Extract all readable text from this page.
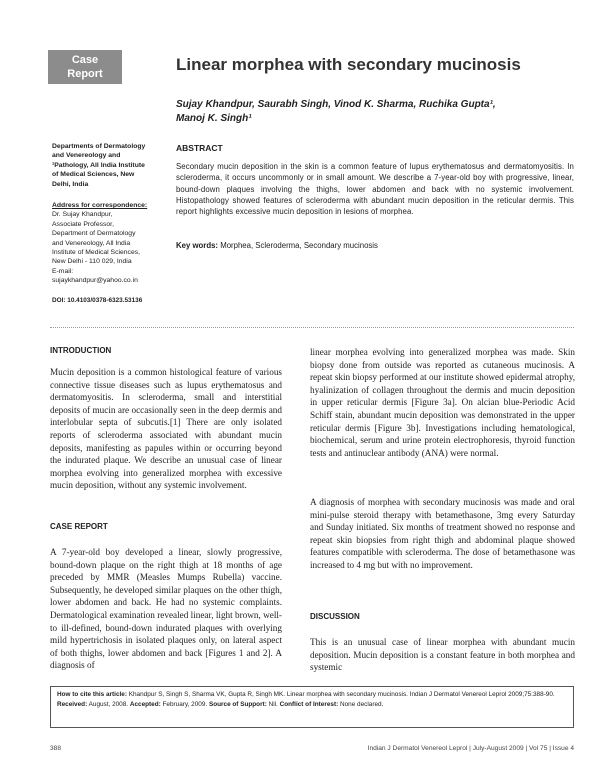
Case
Report	Linear morphea with secondary mucinosis
Sujay Khandpur, Saurabh Singh, Vinod K. Sharma, Ruchika Gupta¹,
Manoj K. Singh¹
Departments of Dermatology
and Venereology and
¹Pathology, All India Institute
of Medical Sciences, New
Delhi, India
Address for correspondence:
Dr. Sujay Khandpur,
Associate Professor,
Department of Dermatology
and Venereology, All India
Institute of Medical Sciences,
New Delhi - 110 029, India
E-mail:
sujaykhandpur@yahoo.co.in
DOI: 10.4103/0378-6323.53136
ABSTRACT
Secondary mucin deposition in the skin is a common feature of lupus erythematosus and dermatomyositis. In scleroderma, it occurs uncommonly or in small amount. We describe a 7-year-old boy with progressive, linear, bound-down plaques involving the thighs, lower abdomen and back with no systemic involvement. Histopathology showed features of scleroderma with abundant mucin deposition in the reticular dermis. This report highlights excessive mucin deposition in lesions of morphea.
Key words: Morphea, Scleroderma, Secondary mucinosis
INTRODUCTION
Mucin deposition is a common histological feature of various connective tissue diseases such as lupus erythematosus and dermatomyositis. In scleroderma, small and interstitial deposits of mucin are occasionally seen in the deep dermis and interlobular septa of subcutis.[1] There are only isolated reports of scleroderma associated with abundant mucin deposits, manifesting as papules within or occurring beyond the indurated plaque. We describe an unusual case of linear morphea evolving into generalized morphea with excessive mucin deposition, without any systemic involvement.
CASE REPORT
A 7-year-old boy developed a linear, slowly progressive, bound-down plaque on the right thigh at 18 months of age preceded by MMR (Measles Mumps Rubella) vaccine. Subsequently, he developed similar plaques on the other thigh, lower abdomen and back. He had no systemic complaints. Dermatological examination revealed linear, light brown, well- to ill-defined, bound-down indurated plaques with overlying mild hypertrichosis in isolated plaques only, on lateral aspect of both thighs, lower abdomen and back [Figures 1 and 2]. A diagnosis of
linear morphea evolving into generalized morphea was made. Skin biopsy done from outside was reported as cutaneous mucinosis. A repeat skin biopsy performed at our institute showed epidermal atrophy, hyalinization of collagen throughout the dermis and mucin deposition in upper reticular dermis [Figure 3a]. On alcian blue-Periodic Acid Schiff stain, abundant mucin deposition was demonstrated in the upper reticular dermis [Figure 3b]. Investigations including hematological, biochemical, serum and urine protein electrophoresis, thyroid function tests and antinuclear antibody (ANA) were normal.
A diagnosis of morphea with secondary mucinosis was made and oral mini-pulse steroid therapy with betamethasone, 3mg every Saturday and Sunday initiated. Six months of treatment showed no response and repeat skin biopsies from right thigh and abdominal plaque showed features compatible with scleroderma. The dose of betamethasone was increased to 4 mg but with no improvement.
DISCUSSION
This is an unusual case of linear morphea with abundant mucin deposition. Mucin deposition is a constant feature in both morphea and systemic
How to cite this article: Khandpur S, Singh S, Sharma VK, Gupta R, Singh MK. Linear morphea with secondary mucinosis. Indian J Dermatol Venereol Leprol 2009;75:388-90.
Received: August, 2008. Accepted: February, 2009. Source of Support: Nil. Conflict of Interest: None declared.
388	Indian J Dermatol Venereol Leprol | July-August 2009 | Vol 75 | Issue 4
